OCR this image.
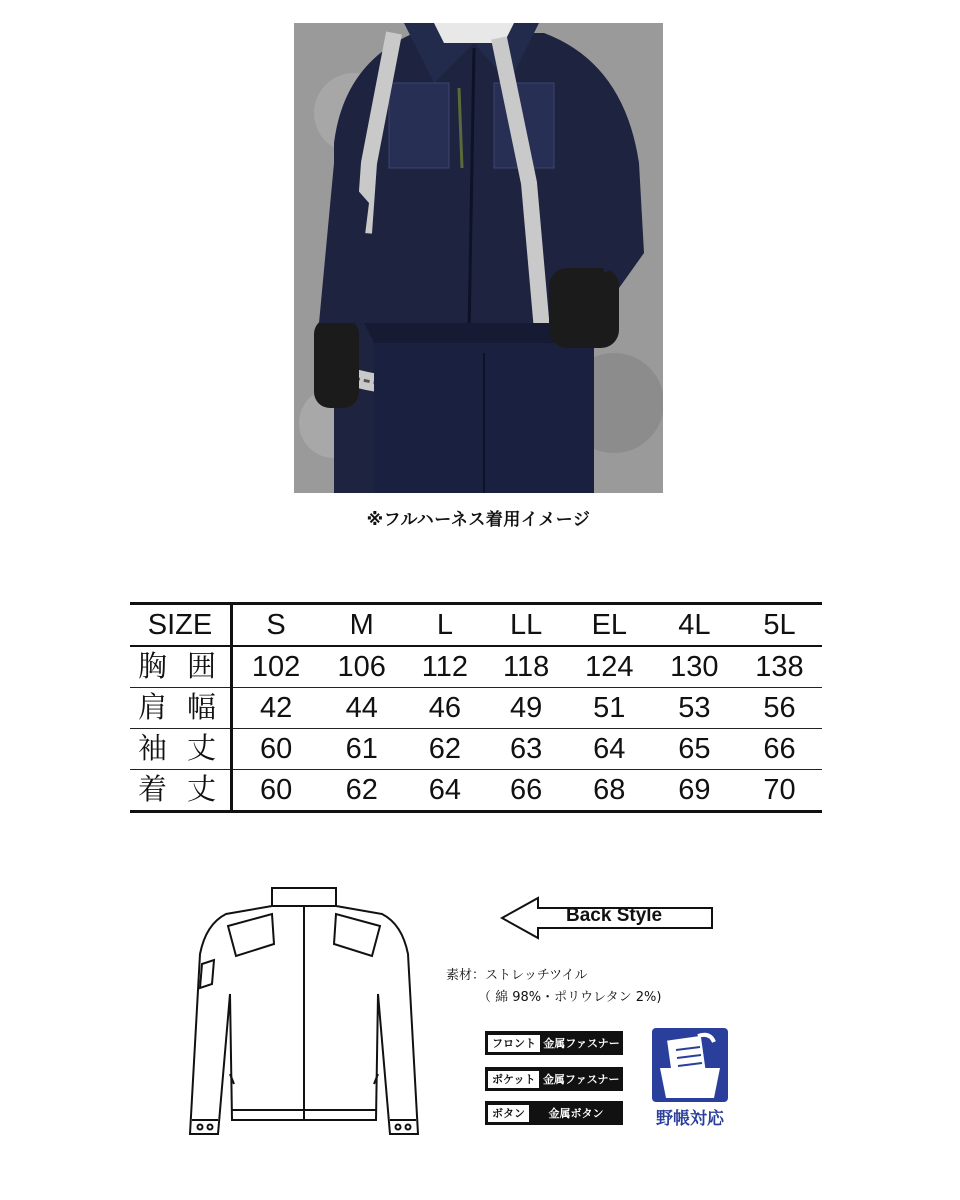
※フルハーネス着用イメージ
SIZE	S	M	L	LL	EL	4L	5L
胸 囲	102	106	112	118	124	130	138
肩 幅	42	44	46	49	51	53	56
袖 丈	60	61	62	63	64	65	66
着 丈	60	62	64	66	68	69	70
Back Style
素材：ストレッチツイル
（ 綿 98%・ポリウレタン 2%)
フロント 金属ファスナー
ポケット 金属ファスナー
ボタン	金属ボタン	野帳対応
